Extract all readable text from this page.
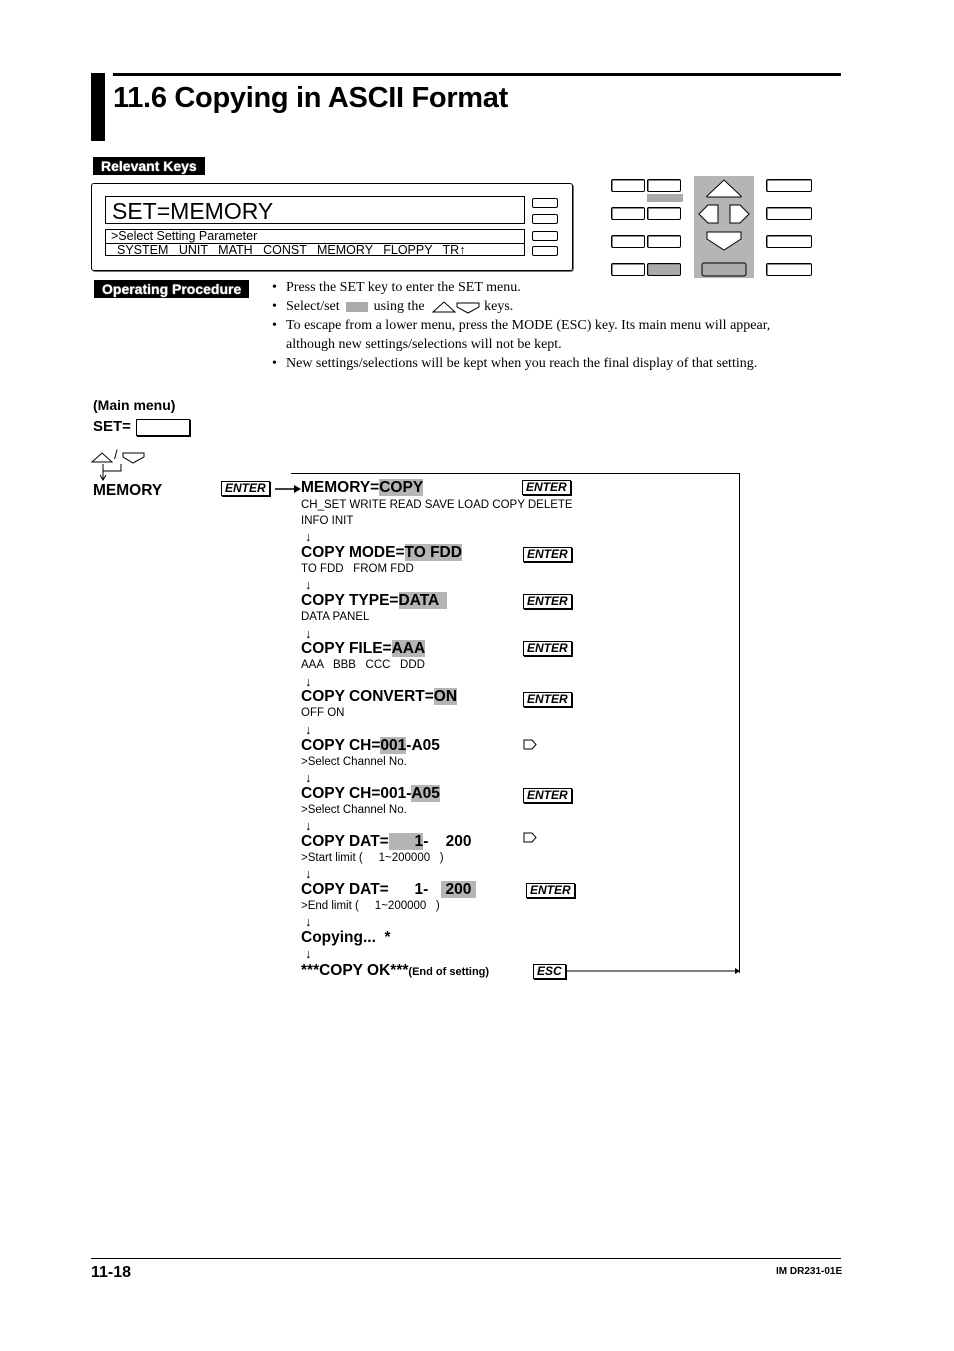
11.6 Copying in ASCII Format
Relevant Keys
SET=MEMORY
>Select Setting Parameter
SYSTEM   UNIT   MATH   CONST   MEMORY   FLOPPY   TR↑
Operating Procedure
•	Press the SET key to enter the SET menu.
• Select/set using the	keys.
• To escape from a lower menu, press the MODE (ESC) key. Its main menu will appear,
although new settings/selections will not be kept.
• New settings/selections will be kept when you reach the final display of that setting.
(Main menu)
SET=
/
MEMORY	ENTER MEMORY=COPY
CH_SET WRITE READ SAVE LOAD COPY DELETE
INFO INIT
ENTER
↓
COPY MODE=TO FDD
TO FDD   FROM FDD
ENTER
↓
COPY TYPE=DATA
DATA PANEL
ENTER
↓
COPY FILE=AAA
AAA   BBB   CCC   DDD
ENTER
↓
COPY CONVERT=ON
OFF ON
ENTER
↓
COPY CH=001-A05
>Select Channel No.
↓
COPY CH=001-A05
>Select Channel No.
ENTER
↓
COPY DAT=      1-    200
>Start limit (     1~200000   )
↓
COPY DAT=      1-    200
>End limit (     1~200000   )
ENTER
↓
Copying...  *
↓
***COPY OK***(End of setting)	ESC
11-18	IM DR231-01E
